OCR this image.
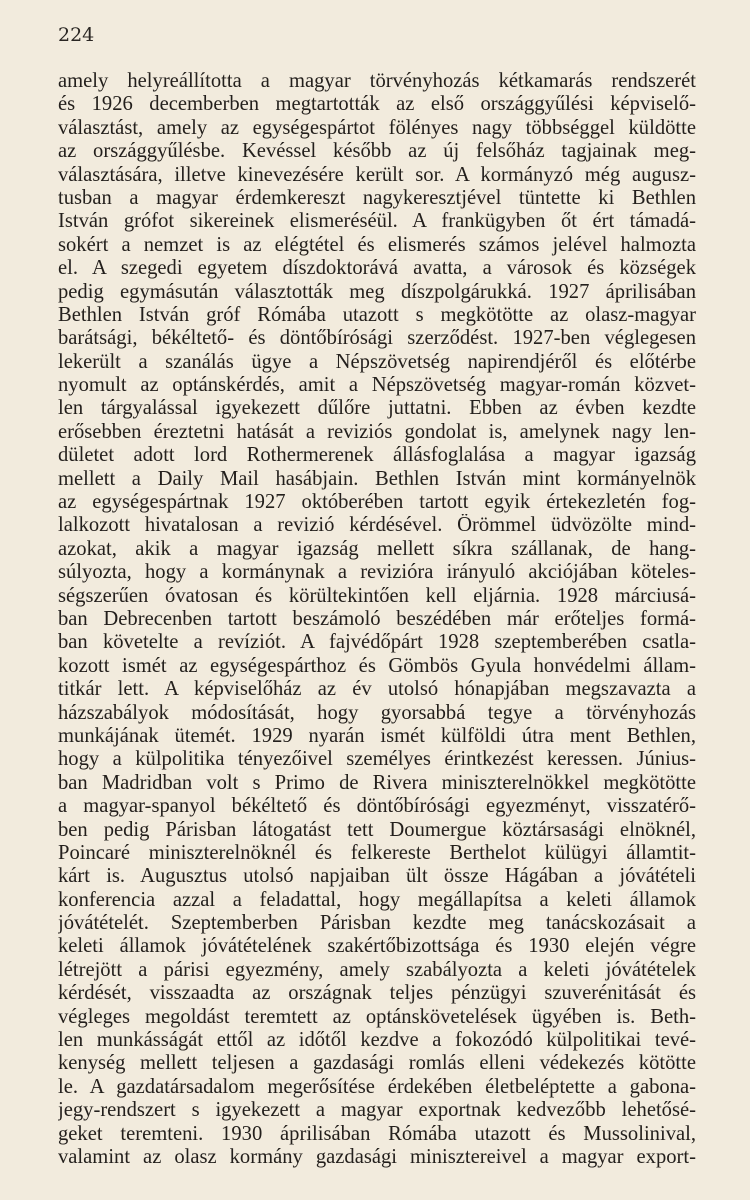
224

amely helyreállította a magyar törvényhozás kétkamarás rendszerét
és 1926 decemberben megtartották az első országgyűlési képviselő-
választást, amely az egységespártot fölényes nagy többséggel küldötte
az országgyűlésbe. Kevéssel később az új felsőház tagjainak meg-
választására, illetve kinevezésére került sor. A kormányzó még augusz-
tusban a magyar érdemkereszt nagykeresztjével tüntette ki Bethlen
István grófot sikereinek elismeréséül. A frankügyben őt ért támadá-
sokért a nemzet is az elégtétel és elismerés számos jelével halmozta
el. A szegedi egyetem díszdoktorává avatta, a városok és községek
pedig egymásután választották meg díszpolgárukká. 1927 áprilisában
Bethlen István gróf Rómába utazott s megkötötte az olasz-magyar
barátsági, békéltető- és döntőbírósági szerződést. 1927-ben véglegesen
lekerült a szanálás ügye a Népszövetség napirendjéről és előtérbe
nyomult az optánskérdés, amit a Népszövetség magyar-román közvet-
len tárgyalással igyekezett dűlőre juttatni. Ebben az évben kezdte
erősebben éreztetni hatását a reviziós gondolat is, amelynek nagy len-
dületet adott lord Rothermerenek állásfoglalása a magyar igazság
mellett a Daily Mail hasábjain. Bethlen István mint kormányelnök
az egységespártnak 1927 októberében tartott egyik értekezletén fog-
lalkozott hivatalosan a revizió kérdésével. Örömmel üdvözölte mind-
azokat, akik a magyar igazság mellett síkra szállanak, de hang-
súlyozta, hogy a kormánynak a revizióra irányuló akciójában köteles-
ségszerűen óvatosan és körültekintően kell eljárnia. 1928 márciusá-
ban Debrecenben tartott beszámoló beszédében már erőteljes formá-
ban követelte a revíziót. A fajvédőpárt 1928 szeptemberében csatla-
kozott ismét az egységespárthoz és Gömbös Gyula honvédelmi állam-
titkár lett. A képviselőház az év utolsó hónapjában megszavazta a
házszabályok módosítását, hogy gyorsabbá tegye a törvényhozás
munkájának ütemét. 1929 nyarán ismét külföldi útra ment Bethlen,
hogy a külpolitika tényezőivel személyes érintkezést keressen. Június-
ban Madridban volt s Primo de Rivera miniszterelnökkel megkötötte
a magyar-spanyol békéltető és döntőbírósági egyezményt, visszatérő-
ben pedig Párisban látogatást tett Doumergue köztársasági elnöknél,
Poincaré miniszterelnöknél és felkereste Berthelot külügyi államtit-
kárt is. Augusztus utolsó napjaiban ült össze Hágában a jóvátételi
konferencia azzal a feladattal, hogy megállapítsa a keleti államok
jóvátételét. Szeptemberben Párisban kezdte meg tanácskozásait a
keleti államok jóvátételének szakértőbizottsága és 1930 elején végre
létrejött a párisi egyezmény, amely szabályozta a keleti jóvátételek
kérdését, visszaadta az országnak teljes pénzügyi szuverénitását és
végleges megoldást teremtett az optánskövetelések ügyében is. Beth-
len munkásságát ettől az időtől kezdve a fokozódó külpolitikai tevé-
kenység mellett teljesen a gazdasági romlás elleni védekezés kötötte
le. A gazdatársadalom megerősítése érdekében életbeléptette a gabona-
jegy-rendszert s igyekezett a magyar exportnak kedvezőbb lehetősé-
geket teremteni. 1930 áprilisában Rómába utazott és Mussolinival,
valamint az olasz kormány gazdasági minisztereivel a magyar export-
